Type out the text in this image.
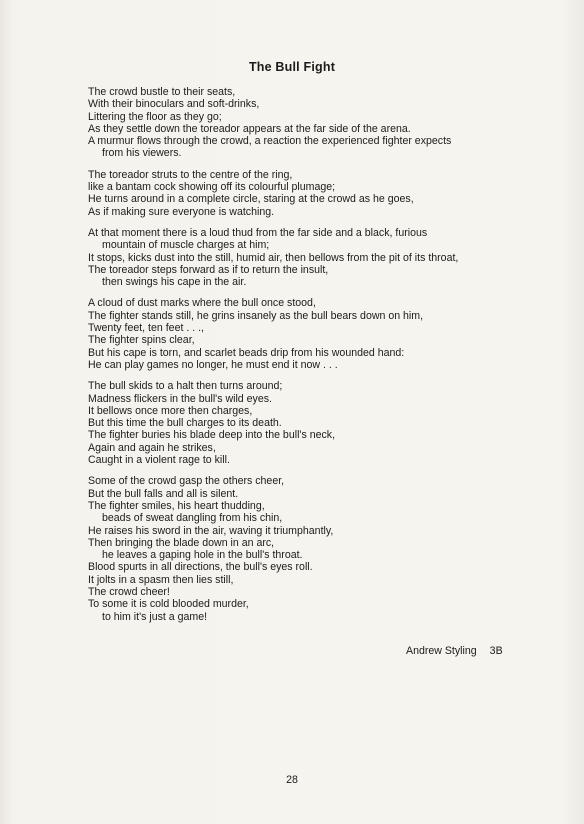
The Bull Fight
The crowd bustle to their seats,
With their binoculars and soft-drinks,
Littering the floor as they go;
As they settle down the toreador appears at the far side of the arena.
A murmur flows through the crowd, a reaction the experienced fighter expects
from his viewers.
The toreador struts to the centre of the ring,
like a bantam cock showing off its colourful plumage;
He turns around in a complete circle, staring at the crowd as he goes,
As if making sure everyone is watching.
At that moment there is a loud thud from the far side and a black, furious
mountain of muscle charges at him;
It stops, kicks dust into the still, humid air, then bellows from the pit of its throat,
The toreador steps forward as if to return the insult,
then swings his cape in the air.
A cloud of dust marks where the bull once stood,
The fighter stands still, he grins insanely as the bull bears down on him,
Twenty feet, ten feet . . .,
The fighter spins clear,
But his cape is torn, and scarlet beads drip from his wounded hand:
He can play games no longer, he must end it now . . .
The bull skids to a halt then turns around;
Madness flickers in the bull's wild eyes.
It bellows once more then charges,
But this time the bull charges to its death.
The fighter buries his blade deep into the bull's neck,
Again and again he strikes,
Caught in a violent rage to kill.
Some of the crowd gasp the others cheer,
But the bull falls and all is silent.
The fighter smiles, his heart thudding,
beads of sweat dangling from his chin,
He raises his sword in the air, waving it triumphantly,
Then bringing the blade down in an arc,
he leaves a gaping hole in the bull's throat.
Blood spurts in all directions, the bull's eyes roll.
It jolts in a spasm then lies still,
The crowd cheer!
To some it is cold blooded murder,
to him it's just a game!
Andrew Styling 3B
28
